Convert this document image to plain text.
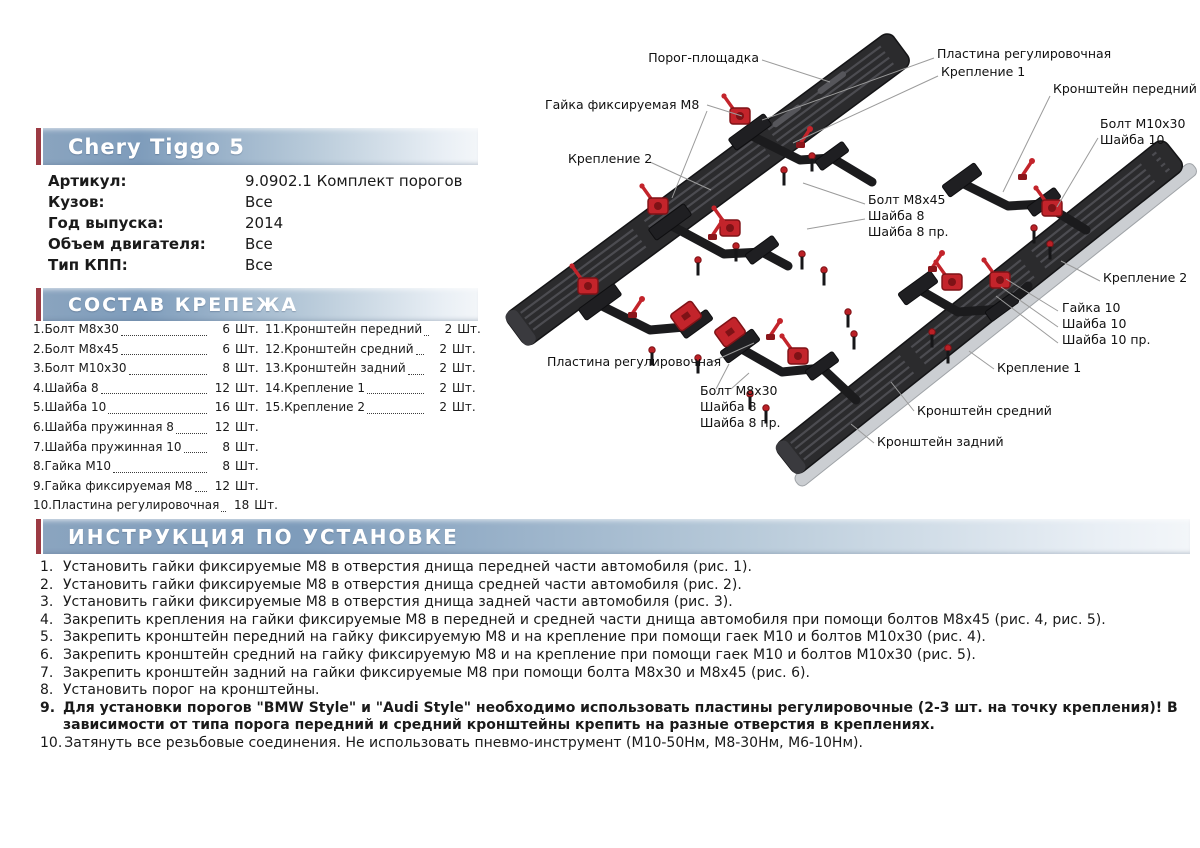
Chery Tiggo 5
Артикул:	9.0902.1 Комплект порогов
Кузов:	Все
Год выпуска:	2014
Объем двигателя:	Все
Тип КПП:	Все
СОСТАВ КРЕПЕЖА
1.Болт М8х30	6 Шт.
2.Болт М8х45	6 Шт.
3.Болт М10х30	8 Шт.
4.Шайба 8	12 Шт.
5.Шайба 10	16 Шт.
6.Шайба пружинная 8	12 Шт.
7.Шайба пружинная 10	8 Шт.
8.Гайка М10	8 Шт.
9.Гайка фиксируемая М8	12 Шт.
10.Пластина регулировочная	18 Шт.
11.Кронштейн передний	2 Шт.
12.Кронштейн средний	2 Шт.
13.Кронштейн задний	2 Шт.
14.Крепление 1	2 Шт.
15.Крепление 2	2 Шт.
ИНСТРУКЦИЯ ПО УСТАНОВКЕ
1. Установить гайки фиксируемые М8 в отверстия днища передней части автомобиля (рис. 1).
2. Установить гайки фиксируемые М8 в отверстия днища средней части автомобиля (рис. 2).
3. Установить гайки фиксируемые М8 в отверстия днища задней части автомобиля (рис. 3).
4. Закрепить крепления на гайки фиксируемые М8 в передней и средней части днища автомобиля при помощи болтов М8х45 (рис. 4, рис. 5).
5. Закрепить кронштейн передний на гайку фиксируемую М8 и на крепление при помощи гаек М10 и болтов М10х30 (рис. 4).
6. Закрепить кронштейн средний на гайку фиксируемую М8 и на крепление при помощи гаек М10 и болтов М10х30 (рис. 5).
7. Закрепить кронштейн задний на гайки фиксируемые М8 при помощи болта М8х30 и М8х45 (рис. 6).
8. Установить порог на кронштейны.
9. Для установки порогов "BMW Style" и "Audi Style" необходимо использовать пластины регулировочные (2-3 шт. на точку крепления)! В зависимости от типа порога передний и средний кронштейны крепить на разные отверстия в креплениях.
10. Затянуть все резьбовые соединения. Не использовать пневмо-инструмент (М10-50Нм, М8-30Нм, М6-10Нм).
Порог-площадка	Пластина регулировочная
Крепление 1
Кронштейн передний
Болт М10х30
Шайба 10
Гайка фиксируемая М8
Крепление 2
Болт М8х45
Шайба 8
Шайба 8 пр.
Крепление 2
Гайка 10
Шайба 10
Шайба 10 пр.
Крепление 1
Пластина регулировочная
Болт М8х30
Шайба 8
Шайба 8 пр.
Кронштейн средний
Кронштейн задний
